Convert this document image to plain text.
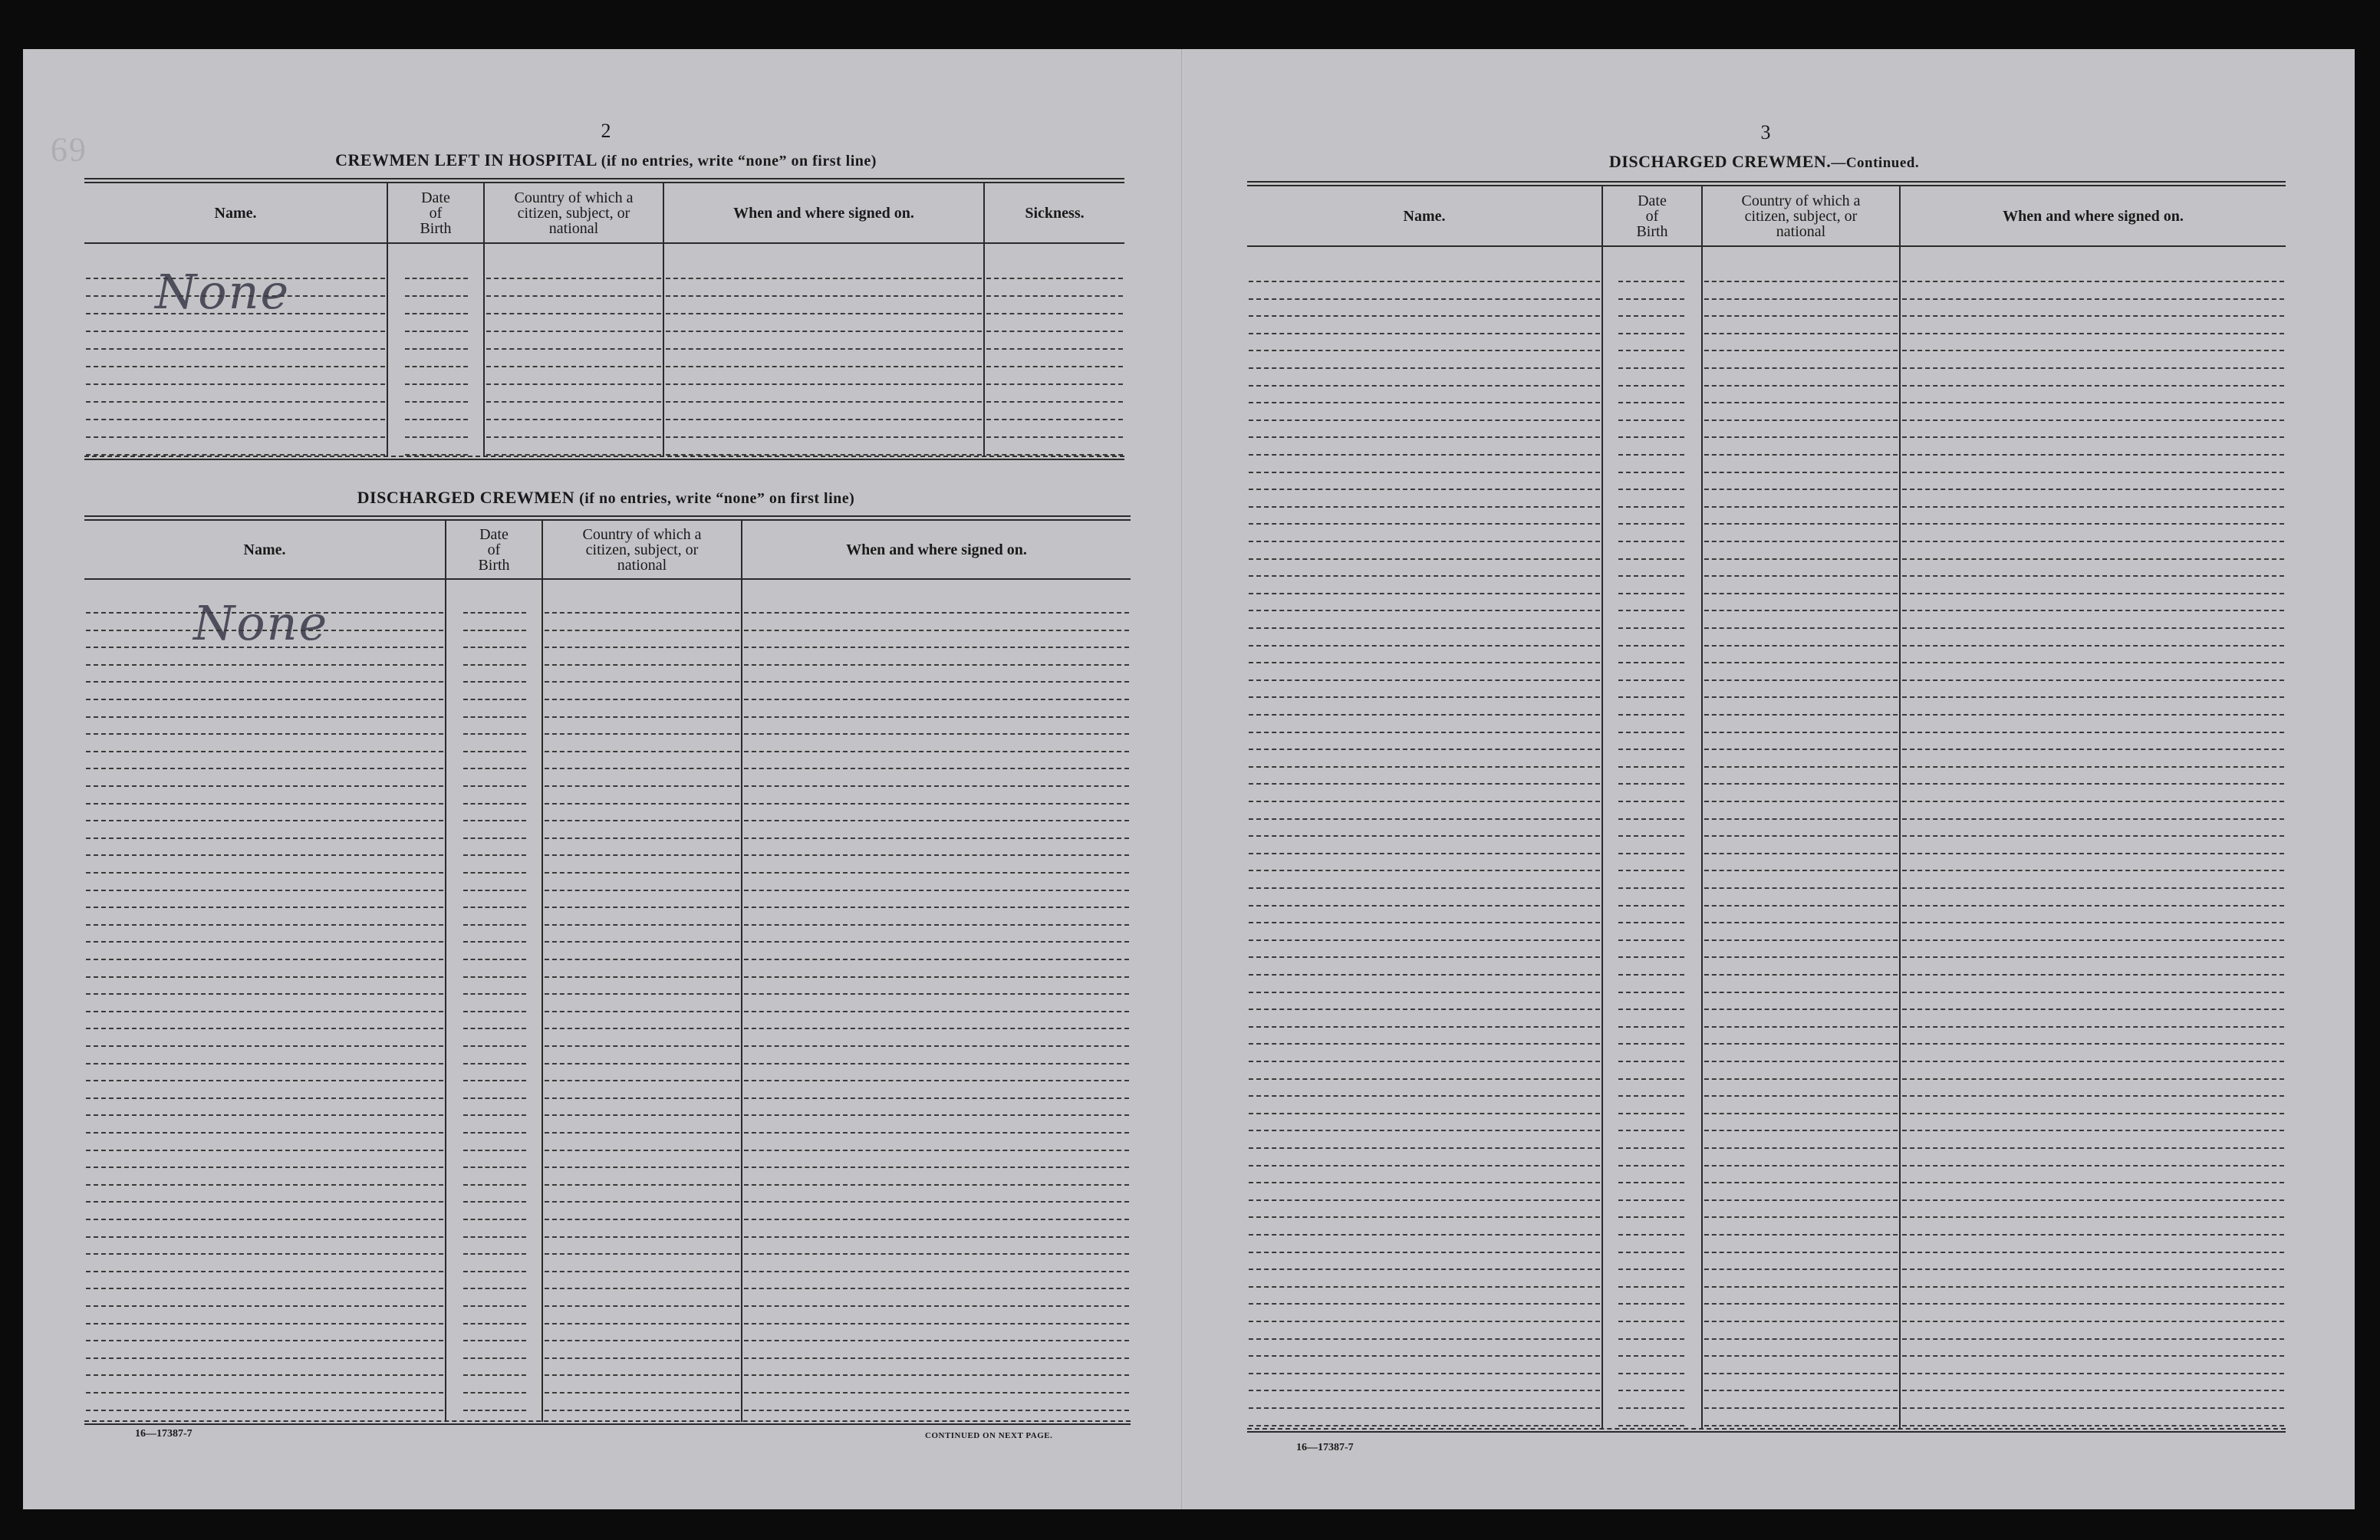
69
2
CREWMEN LEFT IN HOSPITAL (if no entries, write “none” on first line)
Name.
Date
of
Birth
Country of which a
citizen, subject, or
national
When and where signed on.	Sickness.
None
DISCHARGED CREWMEN (if no entries, write “none” on first line)
Name.
Date
of
Birth
Country of which a
citizen, subject, or
national
When and where signed on.
None
16—17387-7	CONTINUED ON NEXT PAGE.
3
DISCHARGED CREWMEN.—Continued.
Name.
Date
of
Birth
Country of which a
citizen, subject, or
national
When and where signed on.
16—17387-7
